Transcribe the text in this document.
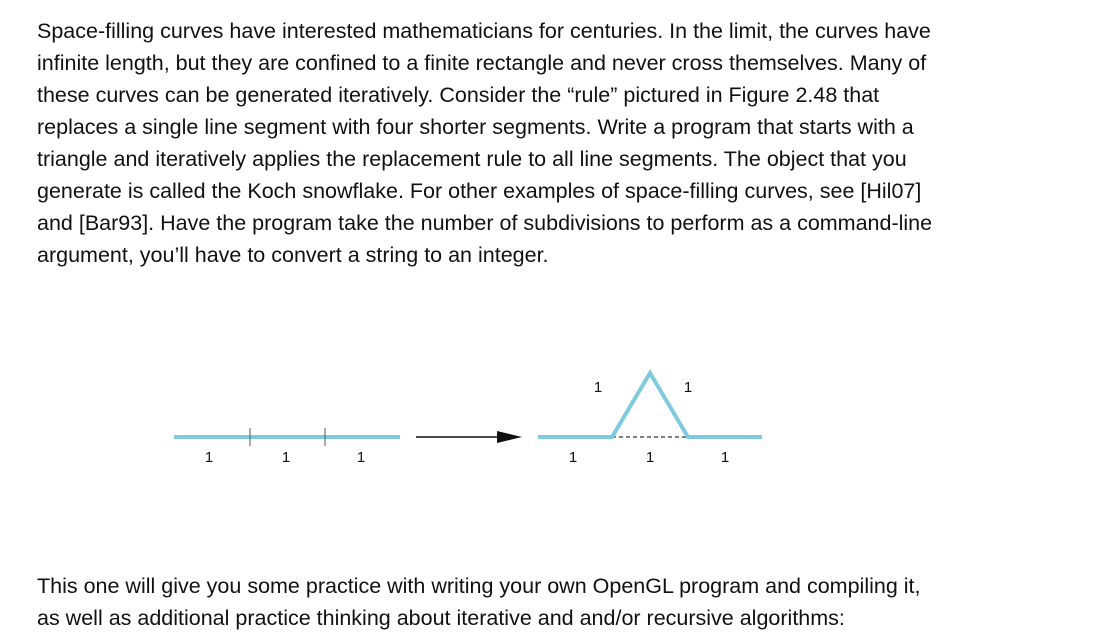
Space-filling curves have interested mathematicians for centuries. In the limit, the curves have
infinite length, but they are confined to a finite rectangle and never cross themselves. Many of
these curves can be generated iteratively. Consider the “rule” pictured in Figure 2.48 that
replaces a single line segment with four shorter segments. Write a program that starts with a
triangle and iteratively applies the replacement rule to all line segments. The object that you
generate is called the Koch snowflake. For other examples of space-filling curves, see [Hil07]
and [Bar93]. Have the program take the number of subdivisions to perform as a command-line
argument, you’ll have to convert a string to an integer.

1	1	1
1	1
1	1	1

This one will give you some practice with writing your own OpenGL program and compiling it,
as well as additional practice thinking about iterative and and/or recursive algorithms:
